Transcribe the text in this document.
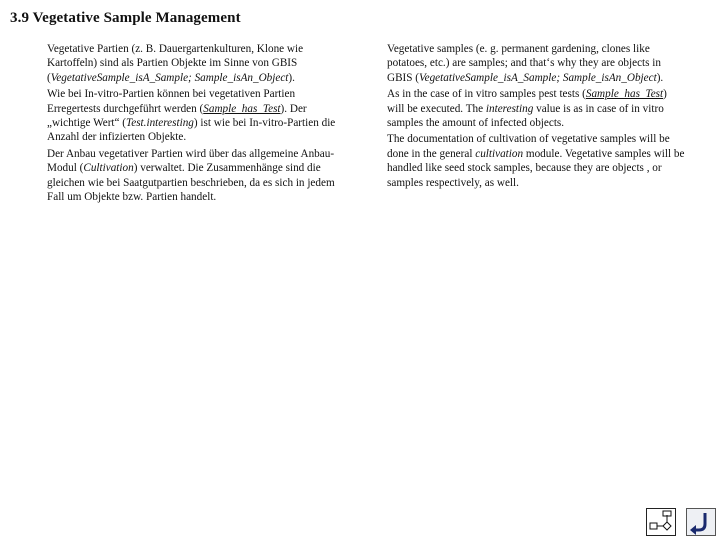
3.9 Vegetative Sample Management

Vegetative Partien (z. B. Dauergartenkulturen, Klone wie Kartoffeln) sind als Partien Objekte im Sinne von GBIS (VegetativeSample_isA_Sample; Sample_isAn_Object).

Wie bei In-vitro-Partien können bei vegetativen Partien Erregertests durchgeführt werden (Sample_has_Test). Der „wichtige Wert“ (Test.interesting) ist wie bei In-vitro-Partien die Anzahl der infizierten Objekte.

Der Anbau vegetativer Partien wird über das allgemeine Anbau-Modul (Cultivation) verwaltet. Die Zusammenhänge sind die gleichen wie bei Saatgutpartien beschrieben, da es sich in jedem Fall um Objekte bzw. Partien handelt.

Vegetative samples (e. g. permanent gardening, clones like potatoes, etc.) are samples; and that‘s why they are objects in GBIS (VegetativeSample_isA_Sample; Sample_isAn_Object).

As in the case of in vitro samples pest tests (Sample_has_Test) will be executed. The interesting value is as in case of in vitro samples the amount of infected objects.

The documentation of cultivation of vegetative samples will be done in the general cultivation module. Vegetative samples will be handled like seed stock samples, because they are objects , or samples respectively, as well.
